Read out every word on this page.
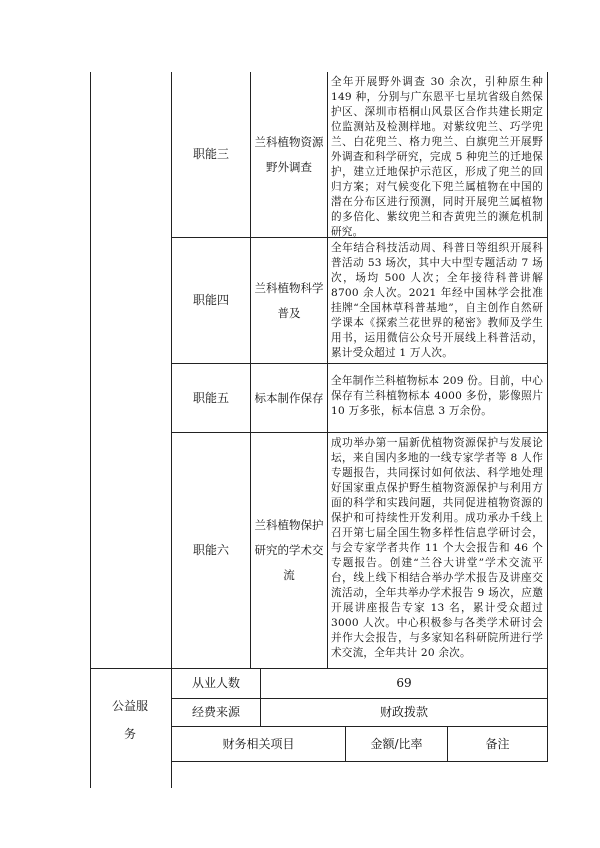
职能三
兰科植物资源野外调查

全年开展野外调查 30 余次，引种原生种 149 种，分别与广东恩平七星坑省级自然保护区、深圳市梧桐山风景区合作共建长期定位监测站及检测样地。对紫纹兜兰、巧学兜兰、白花兜兰、格力兜兰、白旗兜兰开展野外调查和科学研究，完成 5 种兜兰的迁地保护，建立迁地保护示范区，形成了兜兰的回归方案；对气候变化下兜兰属植物在中国的潜在分布区进行预测，同时开展兜兰属植物的多倍化、紫纹兜兰和杏黄兜兰的濒危机制研究。

职能四
兰科植物科学普及

全年结合科技活动周、科普日等组织开展科普活动 53 场次，其中大中型专题活动 7 场次，场均 500 人次；全年接待科普讲解 8700 余人次。2021 年经中国林学会批准挂牌“全国林草科普基地”，自主创作自然研学课本《探索兰花世界的秘密》教师及学生用书，运用微信公众号开展线上科普活动，累计受众超过 1 万人次。

职能五	标本制作保存

全年制作兰科植物标本 209 份。目前，中心保存有兰科植物标本 4000 多份，影像照片 10 万多张，标本信息 3 万余份。

职能六
兰科植物保护研究的学术交流

成功举办第一届新优植物资源保护与发展论坛，来自国内多地的一线专家学者等 8 人作专题报告，共同探讨如何依法、科学地处理好国家重点保护野生植物资源保护与利用方面的科学和实践问题，共同促进植物资源的保护和可持续性开发利用。成功承办千线上召开第七届全国生物多样性信息学研讨会，与会专家学者共作 11 个大会报告和 46 个专题报告。创建“兰谷大讲堂”学术交流平台，线上线下相结合举办学术报告及讲座交流活动，全年共举办学术报告 9 场次，应邀开展讲座报告专家 13 名，累计受众超过 3000 人次。中心积极参与各类学术研讨会并作大会报告，与多家知名科研院所进行学术交流，全年共计 20 余次。

公益服务
从业人数	69
经费来源	财政拨款
财务相关项目	金额/比率	备注
